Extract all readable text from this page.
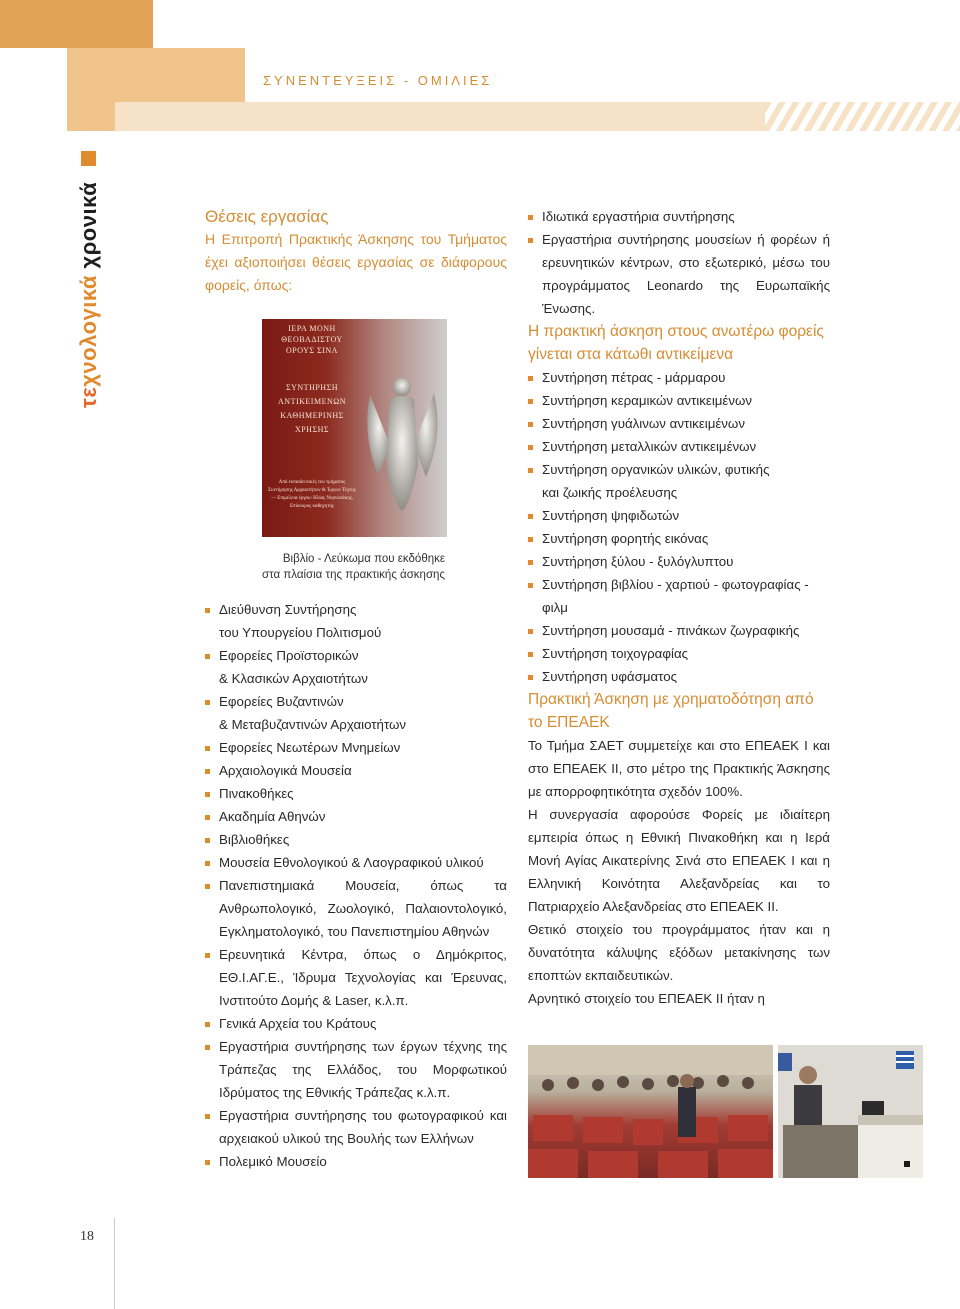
ΣΥΝΕΝΤΕΥΞΕΙΣ - ΟΜΙΛΙΕΣ
τεχνολογικά χρονικά
18

Θέσεις εργασίας

Η Επιτροπή Πρακτικής Άσκησης του Τμήματος έχει αξιοποιήσει θέσεις εργασίας σε διάφορους φορείς, όπως:

ΙΕΡΑ ΜΟΝΗ ΘΕΟΒΑΔΙΣΤΟΥ ΟΡΟΥΣ ΣΙΝΑ
ΣΥΝΤΗΡΗΣΗ ΑΝΤΙΚΕΙΜΕΝΩΝ ΚΑΘΗΜΕΡΙΝΗΣ ΧΡΗΣΗΣ
Από εκπαιδευτικές του τμήματος Συντήρησης Αρχαιοτήτων & Έργων Τέχνης — Επιμέλεια έργου: Ηλίας Νησιωτάκης, Επίκουρος καθηγητής
Βιβλίο - Λεύκωμα που εκδόθηκε
στα πλαίσια της πρακτικής άσκησης
Διεύθυνση Συντήρησης
του Υπουργείου Πολιτισμού
Εφορείες Προϊστορικών
& Κλασικών Αρχαιοτήτων
Εφορείες Βυζαντινών
& Μεταβυζαντινών Αρχαιοτήτων
Εφορείες Νεωτέρων Μνημείων
Αρχαιολογικά Μουσεία
Πινακοθήκες
Ακαδημία Αθηνών
Βιβλιοθήκες
Μουσεία Εθνολογικού & Λαογραφικού υλικού
Πανεπιστημιακά Μουσεία, όπως τα Ανθρωπολογικό, Ζωολογικό, Παλαιοντολογικό, Εγκληματολογικό, του Πανεπιστημίου Αθηνών
Ερευνητικά Κέντρα, όπως ο Δημόκριτος, ΕΘ.Ι.ΑΓ.Ε., Ίδρυμα Τεχνολογίας και Έρευνας, Ινστιτούτο Δομής & Laser, κ.λ.π.
Γενικά Αρχεία του Κράτους
Εργαστήρια συντήρησης των έργων τέχνης της Τράπεζας της Ελλάδος, του Μορφωτικού Ιδρύματος της Εθνικής Τράπεζας κ.λ.π.
Εργαστήρια συντήρησης του φωτογραφικού και αρχειακού υλικού της Βουλής των Ελλήνων
Πολεμικό Μουσείο
Ιδιωτικά εργαστήρια συντήρησης
Εργαστήρια συντήρησης μουσείων ή φορέων ή ερευνητικών κέντρων, στο εξωτερικό, μέσω του προγράμματος Leonardo της Ευρωπαϊκής Ένωσης.

Η πρακτική άσκηση στους ανωτέρω φορείς γίνεται στα κάτωθι αντικείμενα

Συντήρηση πέτρας - μάρμαρου
Συντήρηση κεραμικών αντικειμένων
Συντήρηση γυάλινων αντικειμένων
Συντήρηση μεταλλικών αντικειμένων
Συντήρηση οργανικών υλικών, φυτικής
και ζωικής προέλευσης
Συντήρηση ψηφιδωτών
Συντήρηση φορητής εικόνας
Συντήρηση ξύλου - ξυλόγλυπτου
Συντήρηση βιβλίου - χαρτιού - φωτογραφίας -
φιλμ
Συντήρηση μουσαμά - πινάκων ζωγραφικής
Συντήρηση τοιχογραφίας
Συντήρηση υφάσματος

Πρακτική Άσκηση με χρηματοδότηση από το ΕΠΕΑΕΚ

Το Τμήμα ΣΑΕΤ συμμετείχε και στο ΕΠΕΑΕΚ Ι και στο ΕΠΕΑΕΚ ΙΙ, στο μέτρο της Πρακτικής Άσκησης με απορροφητικότητα σχεδόν 100%.

Η συνεργασία αφορούσε Φορείς με ιδιαίτερη εμπειρία όπως η Εθνική Πινακοθήκη και η Ιερά Μονή Αγίας Αικατερίνης Σινά στο ΕΠΕΑΕΚ Ι και η Ελληνική Κοινότητα Αλεξανδρείας και το Πατριαρχείο Αλεξανδρείας στο ΕΠΕΑΕΚ ΙΙ.

Θετικό στοιχείο του προγράμματος ήταν και η δυνατότητα κάλυψης εξόδων μετακίνησης των εποπτών εκπαιδευτικών.

Αρνητικό στοιχείο του ΕΠΕΑΕΚ ΙΙ ήταν η
